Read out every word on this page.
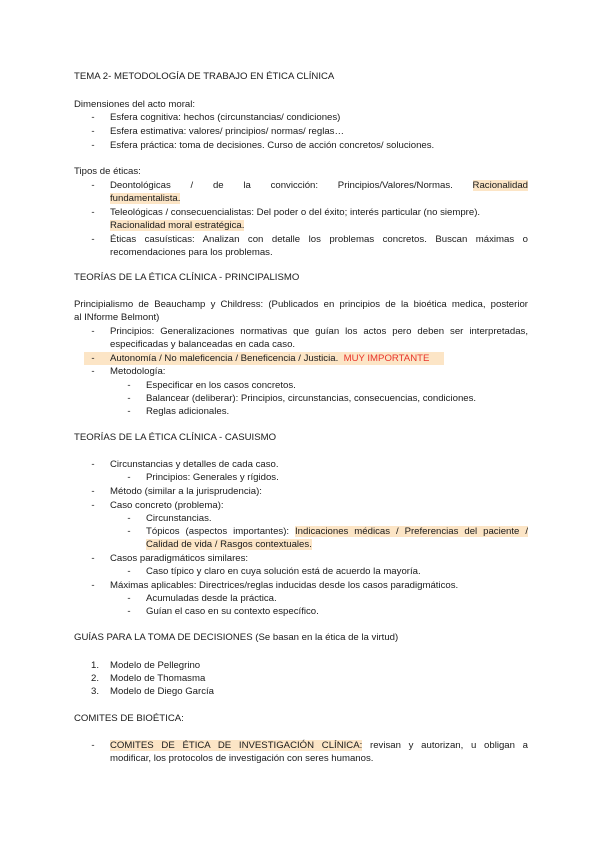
TEMA 2- METODOLOGÍA DE TRABAJO EN ÉTICA CLÍNICA
Dimensiones del acto moral:
- Esfera cognitiva: hechos (circunstancias/ condiciones)
- Esfera estimativa: valores/ principios/ normas/ reglas…
- Esfera práctica: toma de decisiones. Curso de acción concretos/ soluciones.
Tipos de éticas:
- Deontológicas / de la convicción: Principios/Valores/Normas. Racionalidad
fundamentalista.
- Teleológicas / consecuencialistas: Del poder o del éxito; interés particular (no siempre).
Racionalidad moral estratégica.
- Éticas casuísticas: Analizan con detalle los problemas concretos. Buscan máximas o
recomendaciones para los problemas.
TEORÍAS DE LA ÉTICA CLÍNICA - PRINCIPALISMO
Principialismo de Beauchamp y Childress: (Publicados en principios de la bioética medica, posterior
al INforme Belmont)
- Principios: Generalizaciones normativas que guían los actos pero deben ser interpretadas,
especificadas y balanceadas en cada caso.
- Autonomía / No maleficencia / Beneficencia / Justicia. MUY IMPORTANTE
- Metodología:
- Especificar en los casos concretos.
- Balancear (deliberar): Principios, circunstancias, consecuencias, condiciones.
- Reglas adicionales.
TEORÍAS DE LA ÉTICA CLÍNICA - CASUISMO
- Circunstancias y detalles de cada caso.
- Principios: Generales y rígidos.
- Método (similar a la jurisprudencia):
- Caso concreto (problema):
- Circunstancias.
- Tópicos (aspectos importantes): Indicaciones médicas / Preferencias del paciente /
Calidad de vida / Rasgos contextuales.
- Casos paradigmáticos similares:
- Caso típico y claro en cuya solución está de acuerdo la mayoría.
- Máximas aplicables: Directrices/reglas inducidas desde los casos paradigmáticos.
- Acumuladas desde la práctica.
- Guían el caso en su contexto específico.
GUÍAS PARA LA TOMA DE DECISIONES (Se basan en la ética de la virtud)
1. Modelo de Pellegrino
2. Modelo de Thomasma
3. Modelo de Diego García
COMITES DE BIOÉTICA:
- COMITES DE ÉTICA DE INVESTIGACIÓN CLÍNICA: revisan y autorizan, u obligan a
modificar, los protocolos de investigación con seres humanos.
